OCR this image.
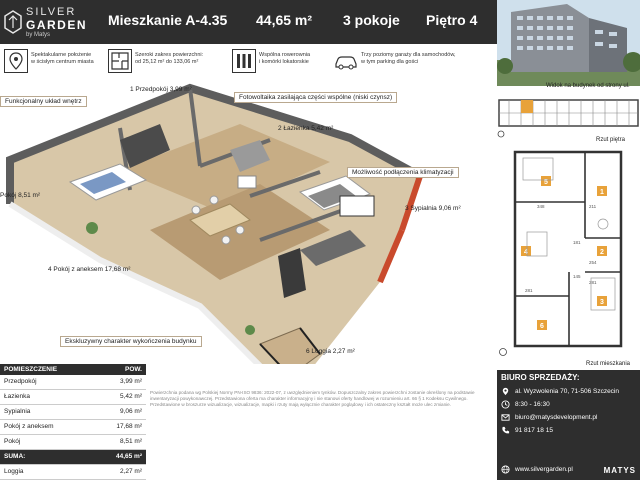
SILVER
GARDEN
by Matys
Mieszkanie A-4.35 44,65 m² 3 pokoje Piętro 4
Spektakularne położenie
w ścisłym centrum miasta
Szeroki zakres powierzchni:
od 25,12 m² do 133,06 m²
Wspólna rowerownia
i komórki lokatorskie
Trzy poziomy garaży dla samochodów,
w tym parking dla gości
Funkcjonalny układ wnętrz
1 Przedpokój 3,99 m²
Fotowoltaika zasilająca części wspólne (niski czynsz)
2 Łazienka 5,42 m²
Możliwość podłączenia klimatyzacji
Pokój 8,51 m²
3 Sypialnia 9,06 m²
4 Pokój z aneksem 17,68 m²
Ekskluzywny charakter wykończenia budynku
6 Loggia 2,27 m²
POMIESZCZENIE	POW.
Przedpokój	3,99 m²
Łazienka	5,42 m²
Sypialnia	9,06 m²
Pokój z aneksem	17,68 m²
Pokój	8,51 m²
SUMA:	44,65 m²
Loggia	2,27 m²
Powierzchnia podana wg Polskiej Normy PN-ISO 9836: 2022-07, z uwzględnieniem tynków. Dopuszczalny zakres powierzchni zostanie określony na podstawie inwentaryzacji powykonawczej. Przedstawiona oferta ma charakter informacyjny i nie stanowi oferty handlowej w rozumieniu art. 66 § 1 Kodeksu Cywilnego. Przedstawione w broszurze wizualizacje, wizualizacje, mapki i rzuty mają wyłącznie charakter poglądowy i ich ostateczny kształt może ulec zmianie.
Widok na budynek od strony ul.
Rzut piętra
1
2
3
4
5
6
348	211
254
281
281
145
181
Rzut mieszkania
BIURO SPRZEDAŻY:
al. Wyzwolenia 70, 71-506 Szczecin
8:30 - 16:30
biuro@matysdevelopment.pl
91 817 18 15
www.silvergarden.pl	MATYS
